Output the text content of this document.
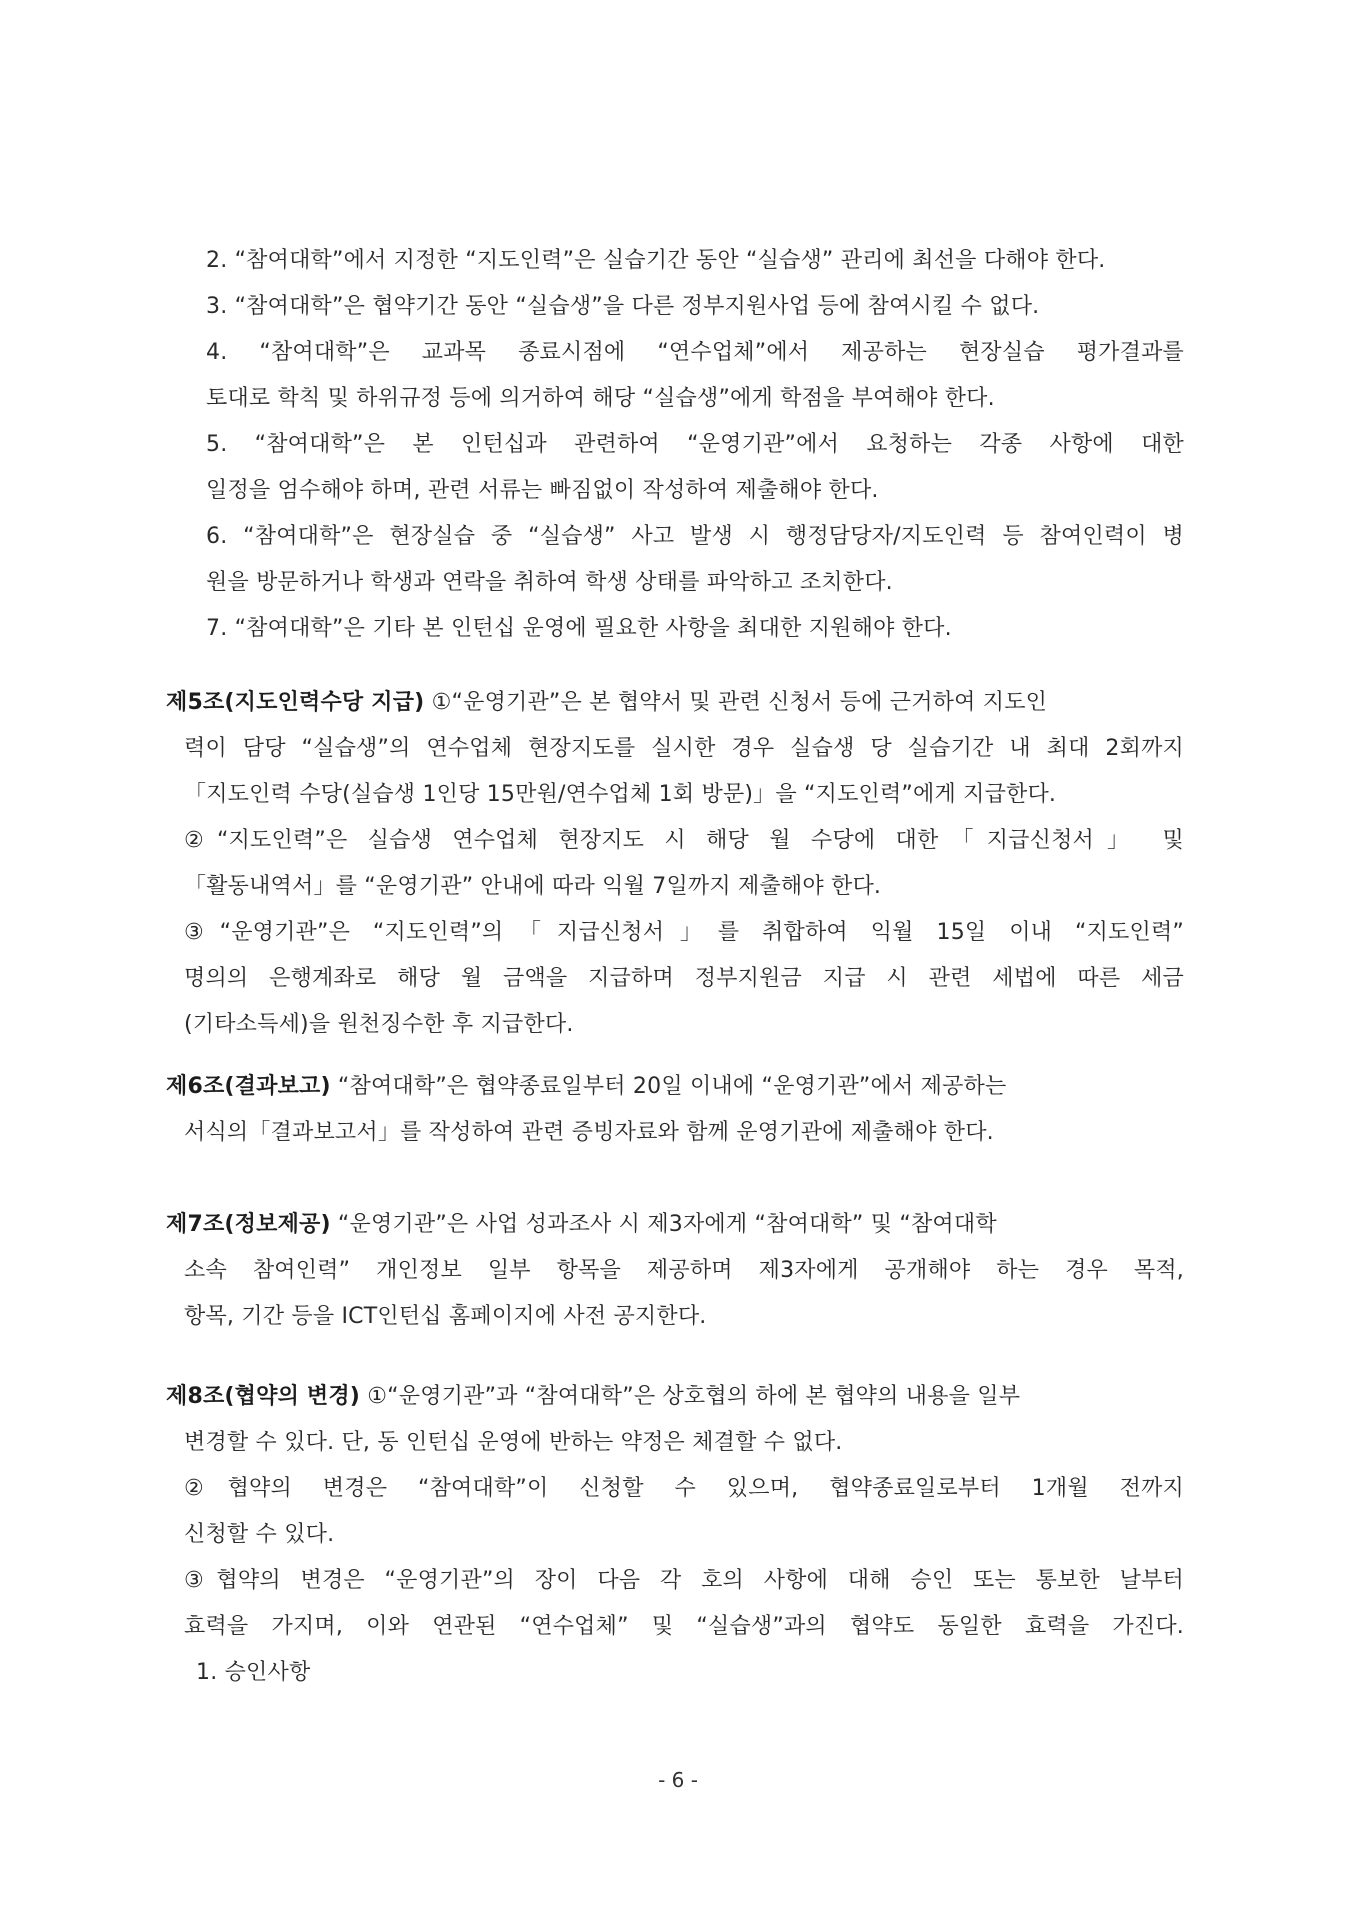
2. “참여대학”에서 지정한 “지도인력”은 실습기간 동안 “실습생” 관리에 최선을 다해야 한다.
3. “참여대학”은 협약기간 동안 “실습생”을 다른 정부지원사업 등에 참여시킬 수 없다.
4. “참여대학”은 교과목 종료시점에 “연수업체”에서 제공하는 현장실습 평가결과를
토대로 학칙 및 하위규정 등에 의거하여 해당 “실습생”에게 학점을 부여해야 한다.
5. “참여대학”은 본 인턴십과 관련하여 “운영기관”에서 요청하는 각종 사항에 대한
일정을 엄수해야 하며, 관련 서류는 빠짐없이 작성하여 제출해야 한다.
6. “참여대학”은 현장실습 중 “실습생” 사고 발생 시 행정담당자/지도인력 등 참여인력이 병
원을 방문하거나 학생과 연락을 취하여 학생 상태를 파악하고 조치한다.
7. “참여대학”은 기타 본 인턴십 운영에 필요한 사항을 최대한 지원해야 한다.
제5조(지도인력수당 지급) ①“운영기관”은 본 협약서 및 관련 신청서 등에 근거하여 지도인
력이 담당 “실습생”의 연수업체 현장지도를 실시한 경우 실습생 당 실습기간 내 최대 2회까지
「지도인력 수당(실습생 1인당 15만원/연수업체 1회 방문)」을 “지도인력”에게 지급한다.
②“지도인력”은 실습생 연수업체 현장지도 시 해당 월 수당에 대한「지급신청서」 및
「활동내역서」를 “운영기관” 안내에 따라 익월 7일까지 제출해야 한다.
③“운영기관”은 “지도인력”의「지급신청서」를 취합하여 익월 15일 이내 “지도인력”
명의의 은행계좌로 해당 월 금액을 지급하며 정부지원금 지급 시 관련 세법에 따른 세금
(기타소득세)을 원천징수한 후 지급한다.
제6조(결과보고) “참여대학”은 협약종료일부터 20일 이내에 “운영기관”에서 제공하는
서식의「결과보고서」를 작성하여 관련 증빙자료와 함께 운영기관에 제출해야 한다.
제7조(정보제공) “운영기관”은 사업 성과조사 시 제3자에게 “참여대학” 및 “참여대학
소속 참여인력” 개인정보 일부 항목을 제공하며 제3자에게 공개해야 하는 경우 목적,
항목, 기간 등을 ICT인턴십 홈페이지에 사전 공지한다.
제8조(협약의 변경) ①“운영기관”과 “참여대학”은 상호협의 하에 본 협약의 내용을 일부
변경할 수 있다. 단, 동 인턴십 운영에 반하는 약정은 체결할 수 없다.
②협약의 변경은 “참여대학”이 신청할 수 있으며, 협약종료일로부터 1개월 전까지
신청할 수 있다.
③협약의 변경은 “운영기관”의 장이 다음 각 호의 사항에 대해 승인 또는 통보한 날부터
효력을 가지며, 이와 연관된 “연수업체” 및 “실습생”과의 협약도 동일한 효력을 가진다.
1. 승인사항
- 6 -
